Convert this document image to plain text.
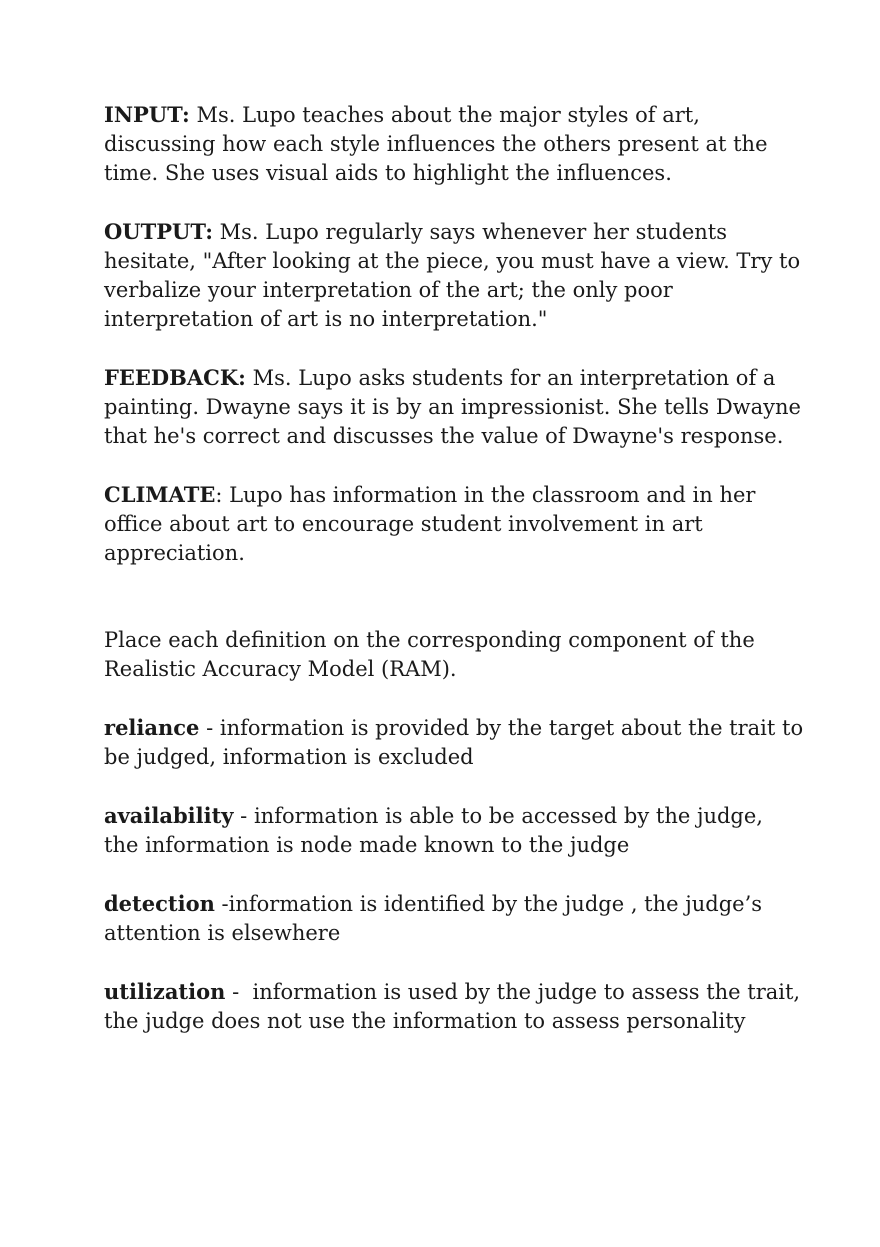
INPUT: Ms. Lupo teaches about the major styles of art, discussing how each style influences the others present at the time. She uses visual aids to highlight the influences.

OUTPUT: Ms. Lupo regularly says whenever her students hesitate, "After looking at the piece, you must have a view. Try to verbalize your interpretation of the art; the only poor interpretation of art is no interpretation."

FEEDBACK: Ms. Lupo asks students for an interpretation of a painting. Dwayne says it is by an impressionist. She tells Dwayne that he's correct and discusses the value of Dwayne's response.

CLIMATE: Lupo has information in the classroom and in her office about art to encourage student involvement in art appreciation.

Place each definition on the corresponding component of the Realistic Accuracy Model (RAM).

reliance - information is provided by the target about the trait to be judged, information is excluded

availability - information is able to be accessed by the judge, the information is node made known to the judge

detection -information is identified by the judge , the judge’s attention is elsewhere

utilization -  information is used by the judge to assess the trait, the judge does not use the information to assess personality
